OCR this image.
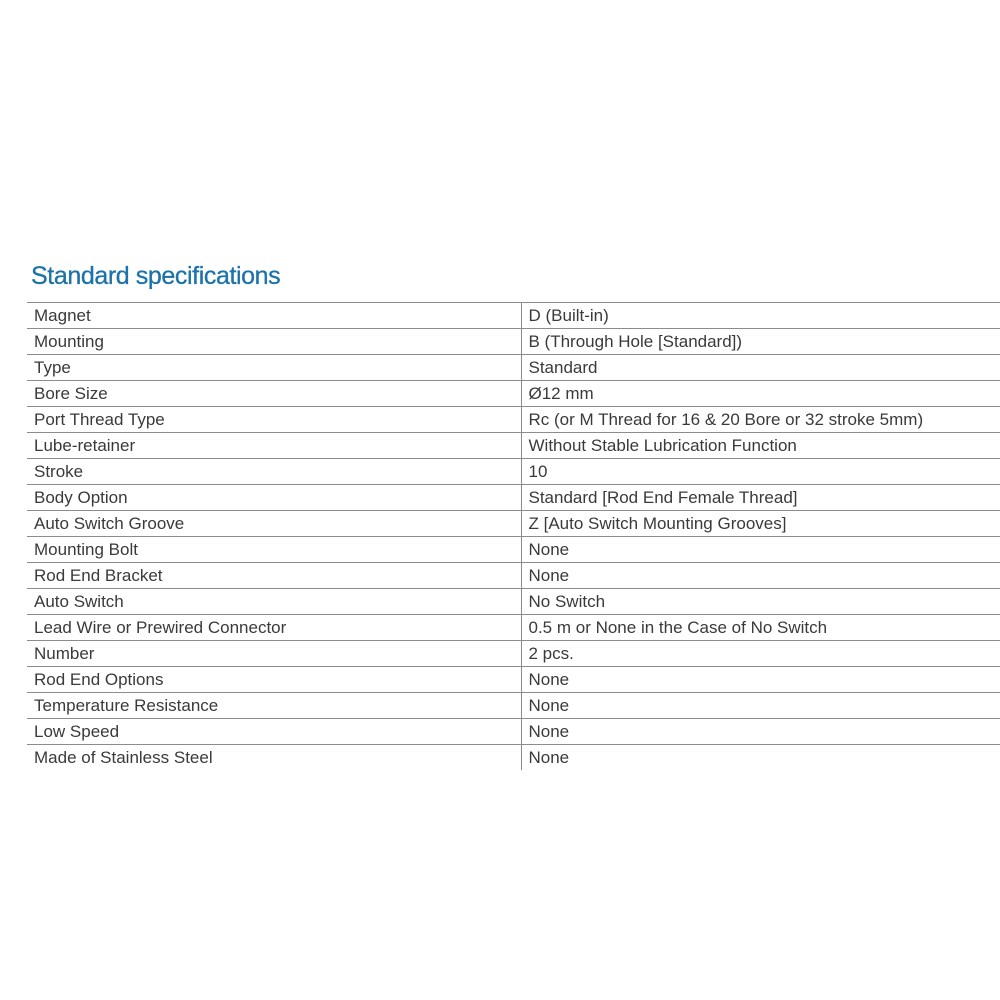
Standard specifications
Magnet	D (Built-in)
Mounting	B (Through Hole [Standard])
Type	Standard
Bore Size	Ø12 mm
Port Thread Type	Rc (or M Thread for 16 & 20 Bore or 32 stroke 5mm)
Lube-retainer	Without Stable Lubrication Function
Stroke	10
Body Option	Standard [Rod End Female Thread]
Auto Switch Groove	Z [Auto Switch Mounting Grooves]
Mounting Bolt	None
Rod End Bracket	None
Auto Switch	No Switch
Lead Wire or Prewired Connector	0.5 m or None in the Case of No Switch
Number	2 pcs.
Rod End Options	None
Temperature Resistance	None
Low Speed	None
Made of Stainless Steel	None
